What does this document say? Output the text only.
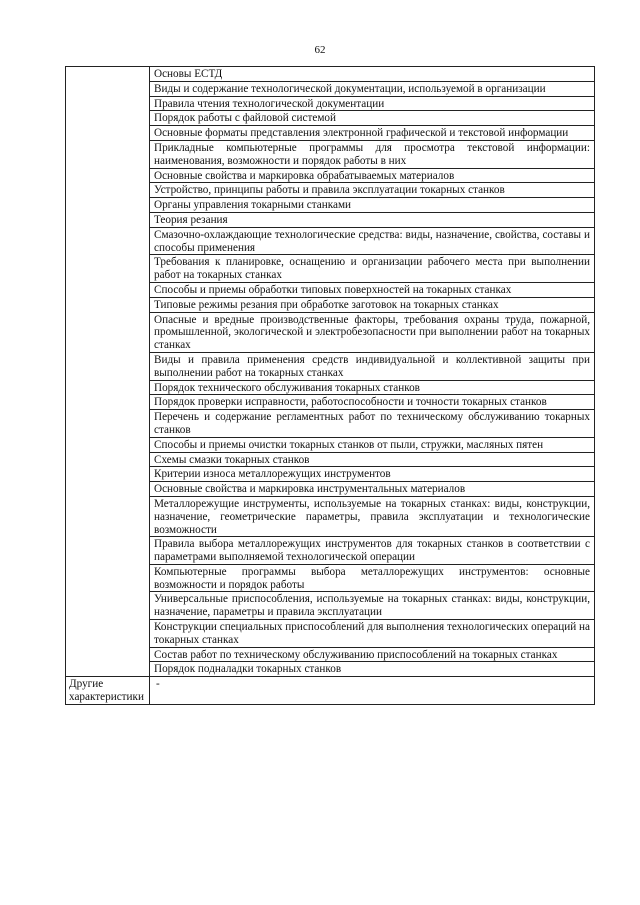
62
	Основы ЕСТД
	Виды и содержание технологической документации, используемой в организации
	Правила чтения технологической документации
	Порядок работы с файловой системой
	Основные форматы представления электронной графической и текстовой информации
	Прикладные компьютерные программы для просмотра текстовой информации: наименования, возможности и порядок работы в них
	Основные свойства и маркировка обрабатываемых материалов
	Устройство, принципы работы и правила эксплуатации токарных станков
	Органы управления токарными станками
	Теория резания
	Смазочно-охлаждающие технологические средства: виды, назначение, свойства, составы и способы применения
	Требования к планировке, оснащению и организации рабочего места при выполнении работ на токарных станках
	Способы и приемы обработки типовых поверхностей на токарных станках
	Типовые режимы резания при обработке заготовок на токарных станках
	Опасные и вредные производственные факторы, требования охраны труда, пожарной, промышленной, экологической и электробезопасности при выполнении работ на токарных станках
	Виды и правила применения средств индивидуальной и коллективной защиты при выполнении работ на токарных станках
	Порядок технического обслуживания токарных станков
	Порядок проверки исправности, работоспособности и точности токарных станков
	Перечень и содержание регламентных работ по техническому обслуживанию токарных станков
	Способы и приемы очистки токарных станков от пыли, стружки, масляных пятен
	Схемы смазки токарных станков
	Критерии износа металлорежущих инструментов
	Основные свойства и маркировка инструментальных материалов
	Металлорежущие инструменты, используемые на токарных станках: виды, конструкции, назначение, геометрические параметры, правила эксплуатации и технологические возможности
	Правила выбора металлорежущих инструментов для токарных станков в соответствии с параметрами выполняемой технологической операции
	Компьютерные программы выбора металлорежущих инструментов: основные возможности и порядок работы
	Универсальные приспособления, используемые на токарных станках: виды, конструкции, назначение, параметры и правила эксплуатации
	Конструкции специальных приспособлений для выполнения технологических операций на токарных станках
	Состав работ по техническому обслуживанию приспособлений на токарных станках
	Порядок подналадки токарных станков
Другие характеристики	-
